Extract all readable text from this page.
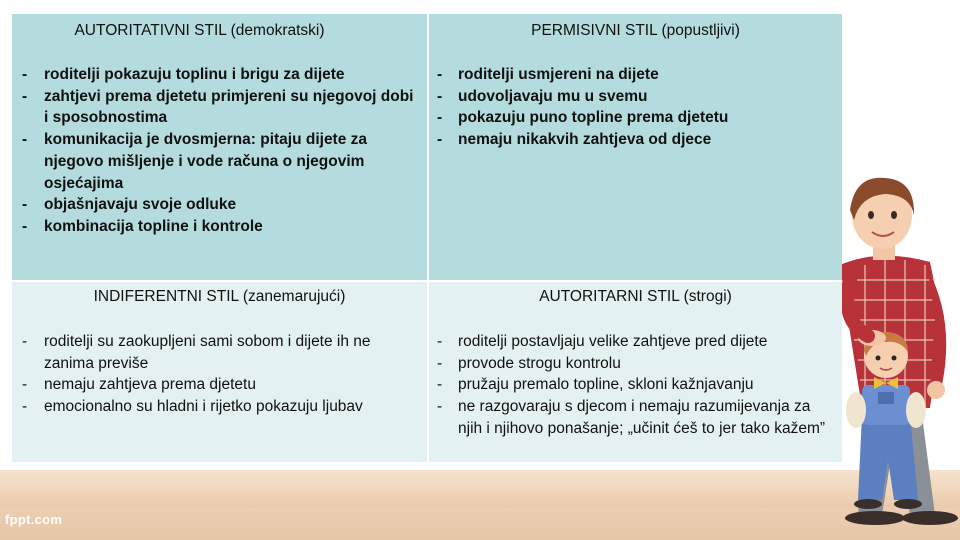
AUTORITATIVNI STIL (demokratski)
- roditelji pokazuju toplinu i brigu za dijete
- zahtjevi prema djetetu primjereni su njegovoj dobi i sposobnostima
- komunikacija je dvosmjerna: pitaju dijete za njegovo mišljenje i vode računa o njegovim osjećajima
- objašnjavaju svoje odluke
- kombinacija topline i kontrole
PERMISIVNI STIL (popustljivi)
- roditelji usmjereni na dijete
- udovoljavaju mu u svemu
- pokazuju puno topline prema djetetu
- nemaju nikakvih zahtjeva od djece
INDIFERENTNI STIL (zanemarujući)
- roditelji su zaokupljeni sami sobom i dijete ih ne zanima previše
- nemaju zahtjeva prema djetetu
- emocionalno su hladni i rijetko pokazuju ljubav
AUTORITARNI STIL (strogi)
- roditelji postavljaju velike zahtjeve pred dijete
- provode strogu kontrolu
- pružaju premalo topline, skloni kažnjavanju
- ne razgovaraju s djecom i nemaju razumijevanja za njih i njihovo ponašanje; „učinit ćeš to jer tako kažem”
fppt.com
